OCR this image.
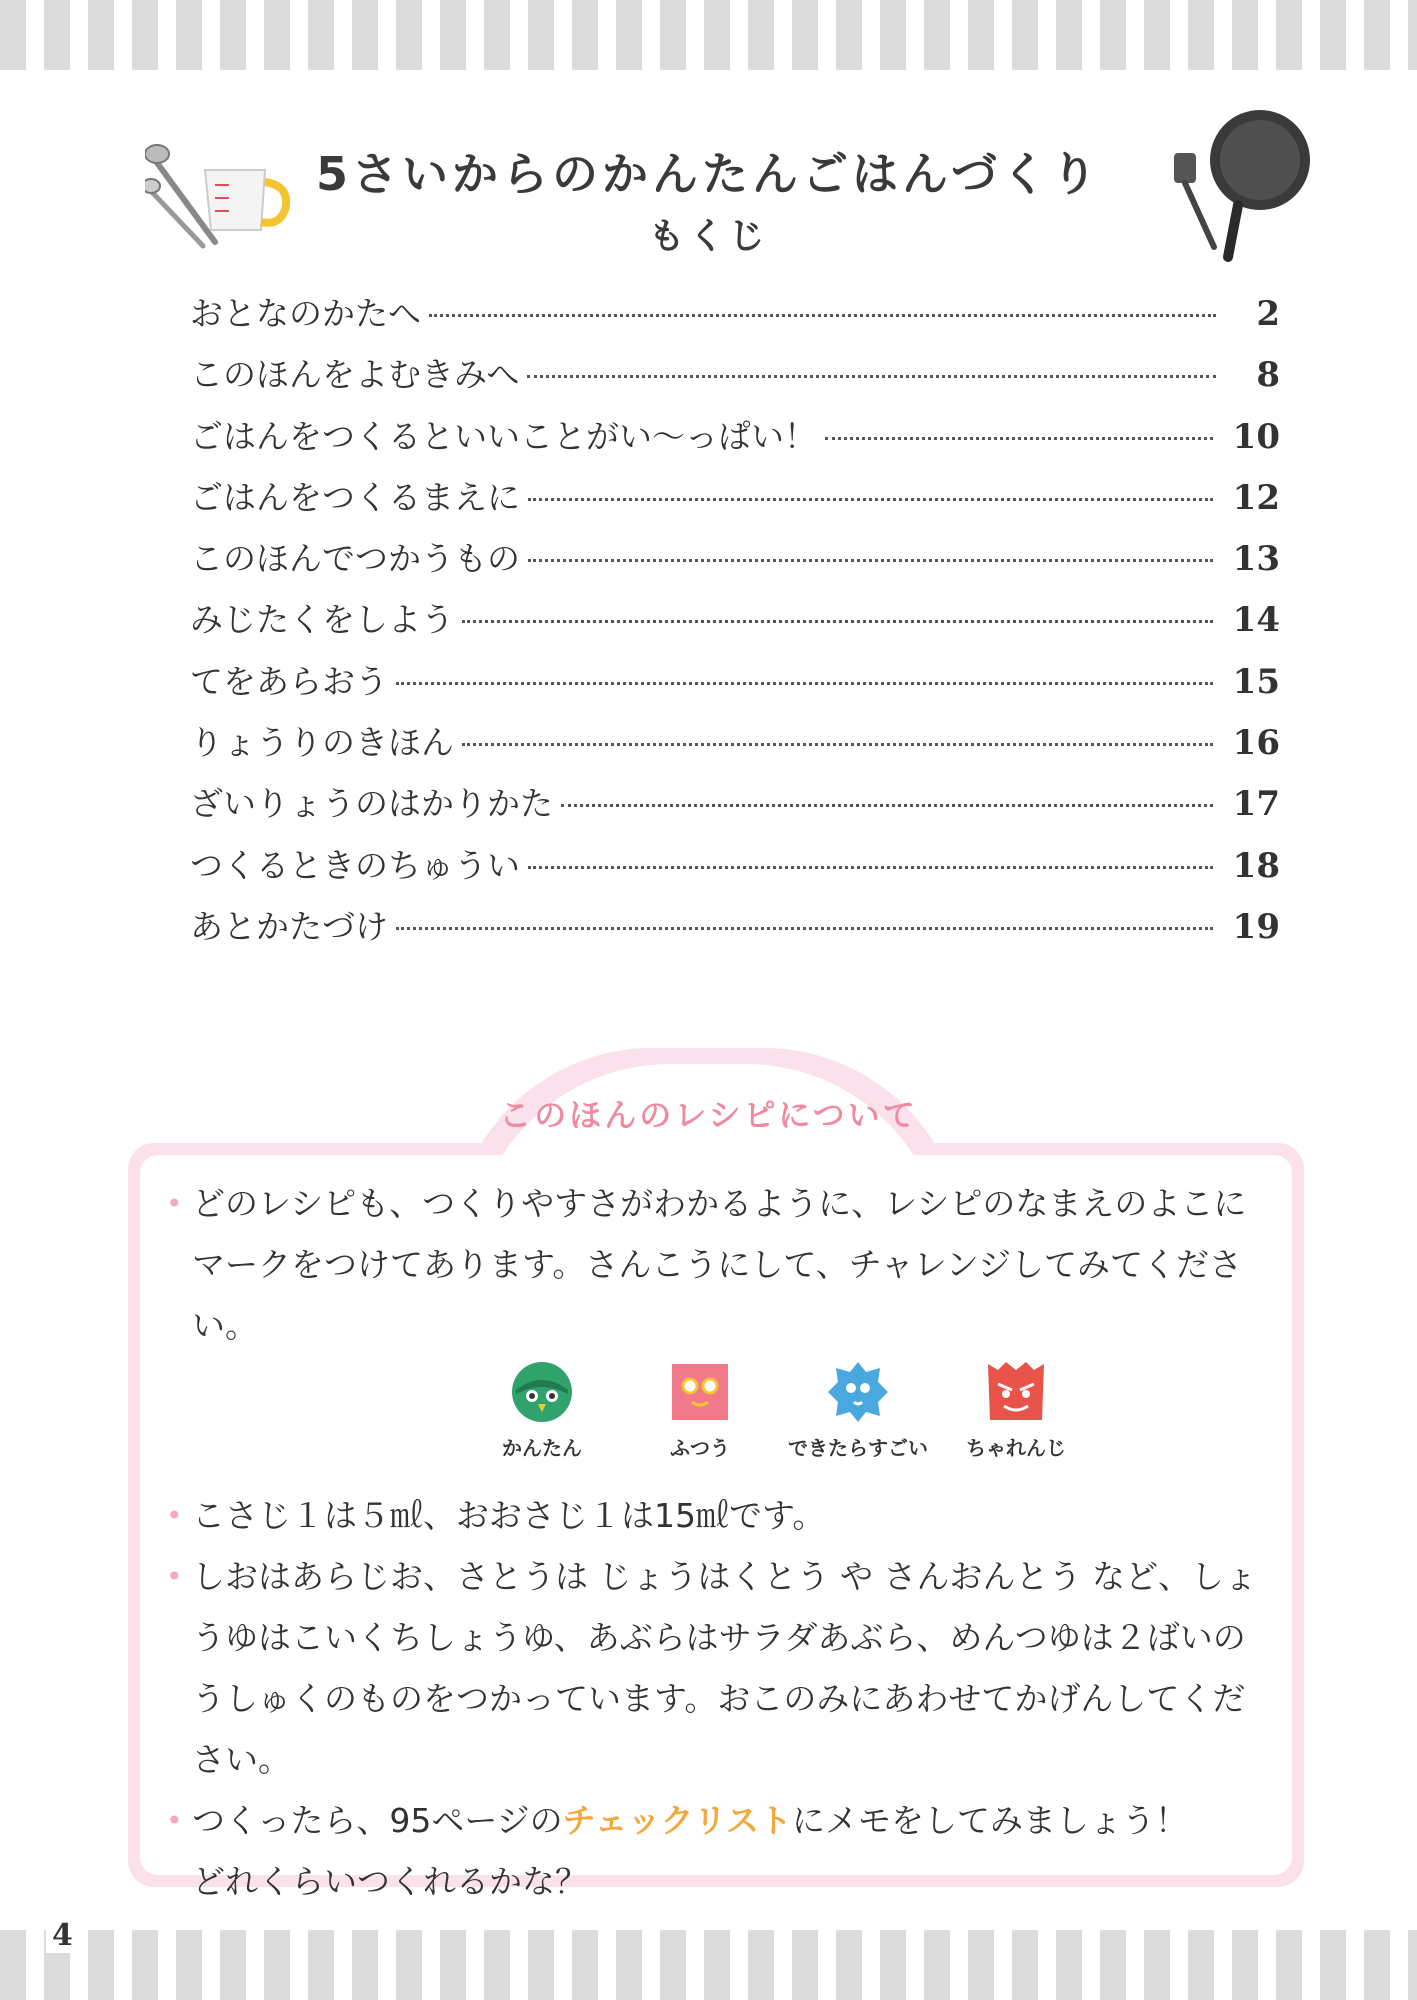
4
5さいからのかんたんごはんづくり
もくじ
おとなのかたへ	2
このほんをよむきみへ	8
ごはんをつくるといいことがい〜っぱい！	10
ごはんをつくるまえに	12
このほんでつかうもの	13
みじたくをしよう	14
てをあらおう	15
りょうりのきほん	16
ざいりょうのはかりかた	17
つくるときのちゅうい	18
あとかたづけ	19
このほんのレシピについて
• どのレシピも、つくりやすさがわかるように、レシピのなまえのよこにマークをつけてあります。さんこうにして、チャレンジしてみてください。
かんたん	ふつう	できたらすごい ちゃれんじ
• こさじ１は５㎖、おおさじ１は15㎖です。
• しおはあらじお、さとうは じょうはくとう や さんおんとう など、しょうゆはこいくちしょうゆ、あぶらはサラダあぶら、めんつゆは２ばいのうしゅくのものをつかっています。おこのみにあわせてかげんしてください。
• つくったら、95ページのチェックリストにメモをしてみましょう！
どれくらいつくれるかな？
